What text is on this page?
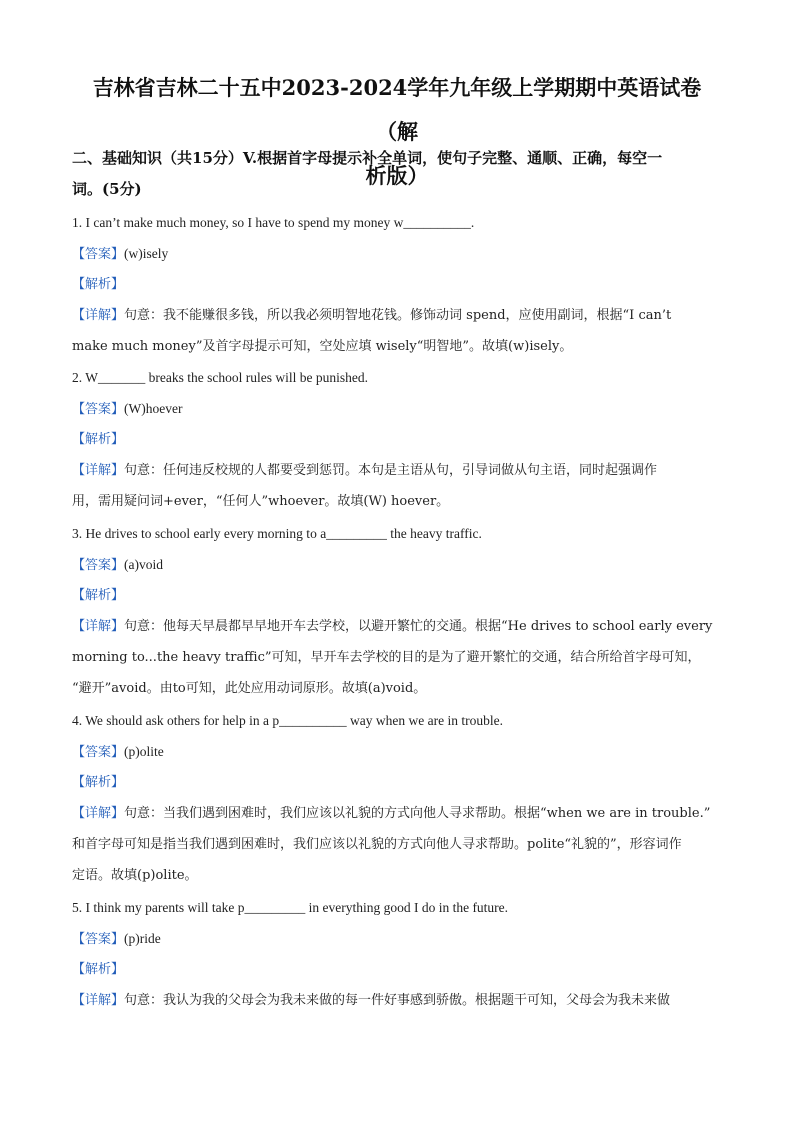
吉林省吉林二十五中2023-2024学年九年级上学期期中英语试卷（解
析版）
二、基础知识（共15分）V.根据首字母提示补全单词，使句子完整、通顺、正确，每空一
词。(5分)
1. I can’t make much money, so I have to spend my money w__________.
【答案】(w)isely
【解析】
【详解】句意：我不能赚很多钱，所以我必须明智地花钱。修饰动词 spend，应使用副词，根据“I can’t
make much money”及首字母提示可知，空处应填 wisely“明智地”。故填(w)isely。
2. W_______ breaks the school rules will be punished.
【答案】(W)hoever
【解析】
【详解】句意：任何违反校规的人都要受到惩罚。本句是主语从句，引导词做从句主语，同时起强调作
用，需用疑问词+ever，“任何人”whoever。故填(W) hoever。
3. He drives to school early every morning to a_________ the heavy traffic.
【答案】(a)void
【解析】
【详解】句意：他每天早晨都早早地开车去学校，以避开繁忙的交通。根据“He drives to school early every
morning to...the heavy traffic”可知，早开车去学校的目的是为了避开繁忙的交通，结合所给首字母可知，
“避开”avoid。由to可知，此处应用动词原形。故填(a)void。
4. We should ask others for help in a p__________ way when we are in trouble.
【答案】(p)olite
【解析】
【详解】句意：当我们遇到困难时，我们应该以礼貌的方式向他人寻求帮助。根据“when we are in trouble.”
和首字母可知是指当我们遇到困难时，我们应该以礼貌的方式向他人寻求帮助。polite“礼貌的”，形容词作
定语。故填(p)olite。
5. I think my parents will take p_________ in everything good I do in the future.
【答案】(p)ride
【解析】
【详解】句意：我认为我的父母会为我未来做的每一件好事感到骄傲。根据题干可知，父母会为我未来做
